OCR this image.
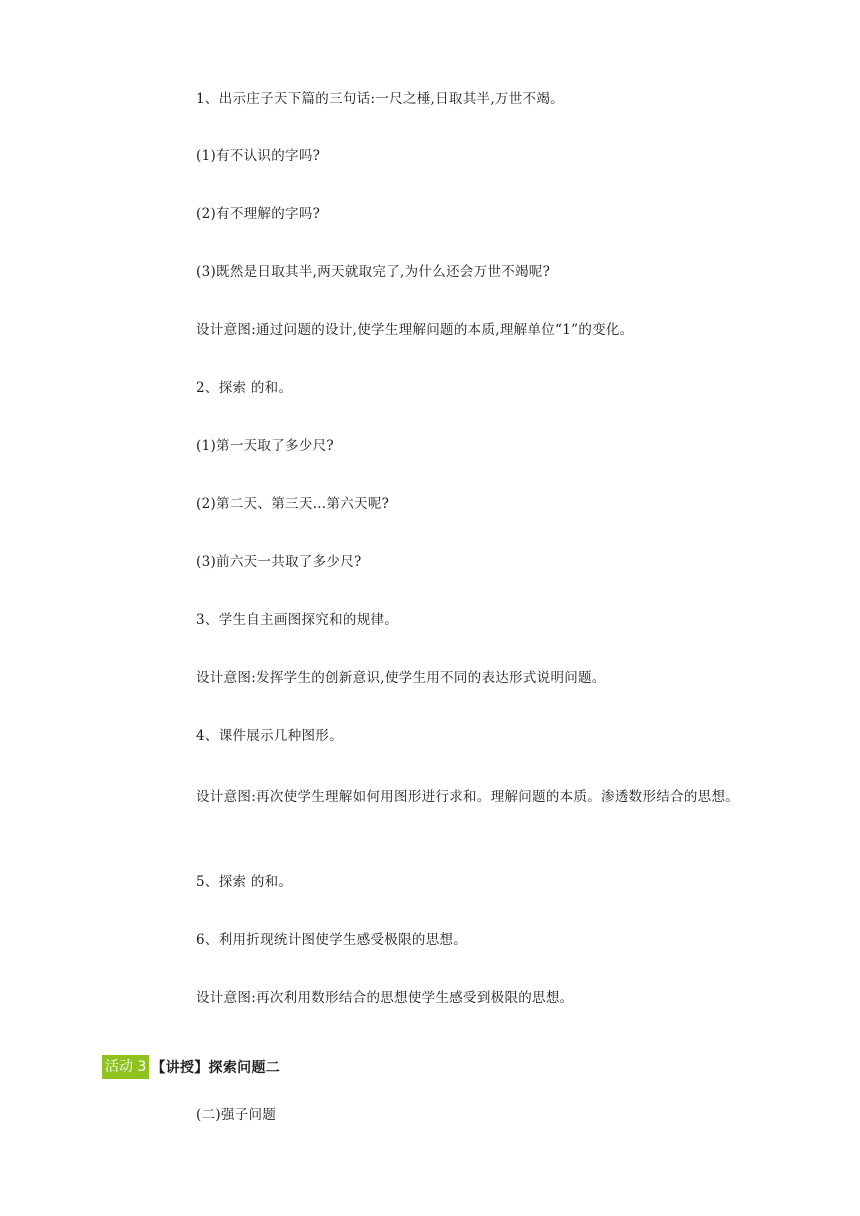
1、出示庄子天下篇的三句话:一尺之棰,日取其半,万世不竭。

(1)有不认识的字吗?

(2)有不理解的字吗?

(3)既然是日取其半,两天就取完了,为什么还会万世不竭呢?

设计意图:通过问题的设计,使学生理解问题的本质,理解单位“1”的变化。

2、探索 的和。

(1)第一天取了多少尺?

(2)第二天、第三天…第六天呢?

(3)前六天一共取了多少尺?

3、学生自主画图探究和的规律。

设计意图:发挥学生的创新意识,使学生用不同的表达形式说明问题。

4、课件展示几种图形。

设计意图:再次使学生理解如何用图形进行求和。理解问题的本质。渗透数形结合的思想。

5、探索 的和。

6、利用折现统计图使学生感受极限的思想。

设计意图:再次利用数形结合的思想使学生感受到极限的思想。

活动 3 【讲授】探索问题二

(二)强子问题
